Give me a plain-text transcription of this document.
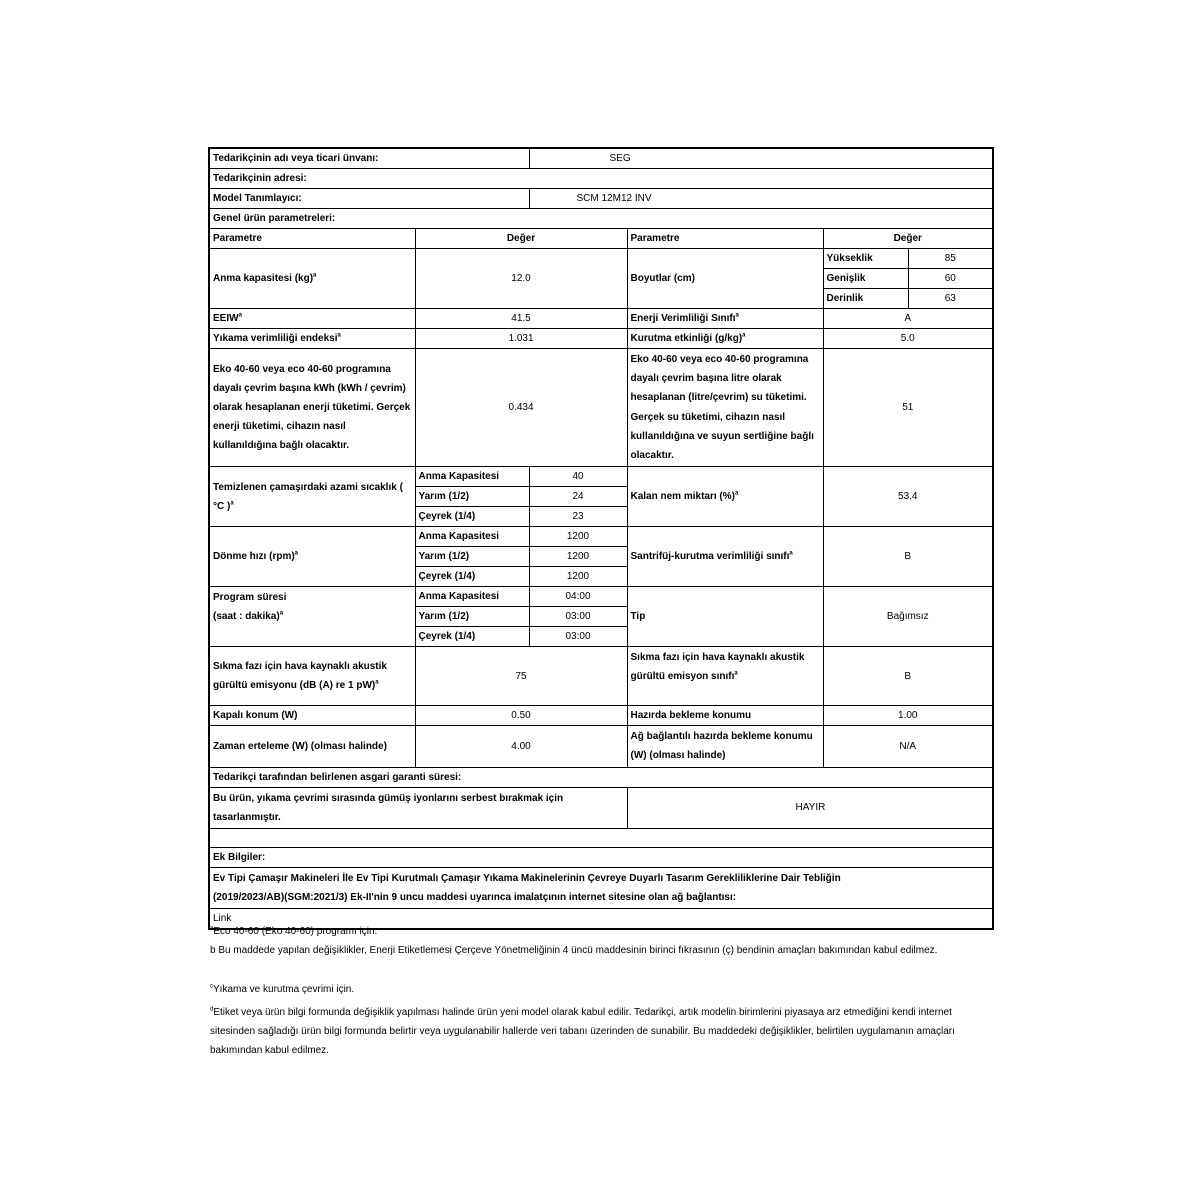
Tedarikçinin adı veya ticari ünvanı:		SEG			
Tedarikçinin adresi:					
Model Tanımlayıcı:		SCM 12M12 INV			
Genel ürün parametreleri:					
Parametre	Değer		Parametre	Değer	
Anma kapasitesi (kg)$^a$	12.0		Boyutlar (cm)	Yükseklik	85
				Genişlik	60
				Derinlik	63
EEIW$^a$	41.5		Enerji Verimliliği Sınıfı$^a$	A	
Yıkama verimliliği endeksi$^a$	1.031		Kurutma etkinliği $(g/kg)^a$	5.0	
Eko 40-60 veya eco 40-60 programına dayalı çevrim başına kWh (kWh / çevrim) olarak hesaplanan enerji tüketimi. Gerçek enerji tüketimi, cihazın nasıl kullanıldığına bağlı olacaktır.	0.434		Eko 40-60 veya eco 40-60 programına dayalı çevrim başına litre olarak hesaplanan (litre/çevrim) su tüketimi. Gerçek su tüketimi, cihazın nasıl kullanıldığına ve suyun sertliğine bağlı olacaktır.	51	
Temizlenen çamaşırdaki azami sıcaklık (
°C )$^a$	Anma Kapasitesi	40	Kalan nem miktarı (%)$^a$	53.4	
	Yarım (1/2)	24			
	Çeyrek (1/4)	23			
Dönme hızı (rpm)$^a$	Anma Kapasitesi	1200	Santrifüj-kurutma verimliliği sınıfı$^a$	B	
	Yarım (1/2)	1200			
	Çeyrek (1/4)	1200			
Program süresi
(saat : dakika)$^a$	Anma Kapasitesi	04:00	Tip	Bağımsız	
	Yarım (1/2)	03:00			
	Çeyrek (1/4)	03:00			
Sıkma fazı için hava kaynaklı akustik
gürültü emisyonu (dB (A) re 1 pW)$^a$	75		Sıkma fazı için hava kaynaklı akustik
gürültü emisyon sınıfı$^a$	B	
Kapalı konum (W)	0.50		Hazırda bekleme konumu	1.00	
Zaman erteleme (W) (olması halinde)	4.00		Ağ bağlantılı hazırda bekleme konumu
(W) (olması halinde)	N/A	
Tedarikçi tarafından belirlenen asgari garanti süresi:					
Bu ürün, yıkama çevrimi sırasında gümüş iyonlarını serbest bırakmak için
tasarlanmıştır.			HAYIR		

Ek Bilgiler:					
Ev Tipi Çamaşır Makineleri İle Ev Tipi Kurutmalı Çamaşır Yıkama Makinelerinin Çevreye Duyarlı Tasarım Gerekliliklerine Dair Tebliğin
(2019/2023/AB)(SGM:2021/3) Ek-II'nin 9 uncu maddesi uyarınca imalatçının internet sitesine olan ağ bağlantısı:					
Link					

$^a$Eco 40-60 (Eko 40-60) programı için.

b Bu maddede yapılan değişiklikler, Enerji Etiketlemesi Çerçeve Yönetmeliğinin 4 üncü maddesinin birinci fıkrasının (ç) bendinin amaçları bakımından kabul edilmez.

$^c$Yıkama ve kurutma çevrimi için.

$^d$Etiket veya ürün bilgi formunda değişiklik yapılması halinde ürün yeni model olarak kabul edilir. Tedarikçi, artık modelin birimlerini piyasaya arz etmediğini kendi internet
sitesinden sağladığı ürün bilgi formunda belirtir veya uygulanabilir hallerde veri tabanı üzerinden de sunabilir. Bu maddedeki değişiklikler, belirtilen uygulamanın amaçları
bakımından kabul edilmez.
